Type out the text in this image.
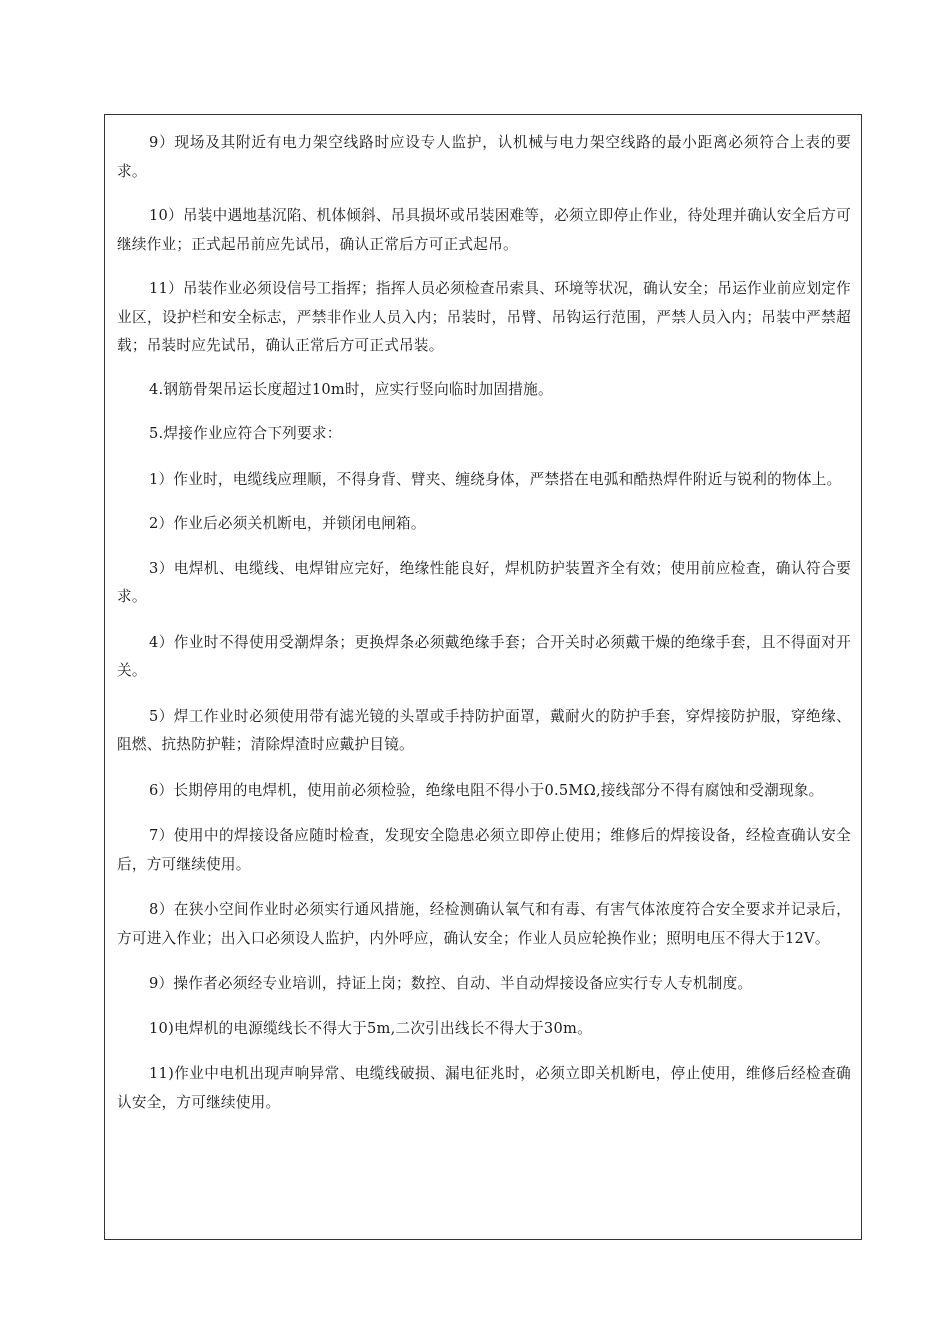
9）现场及其附近有电力架空线路时应设专人监护，认机械与电力架空线路的最小距离必须符合上表的要求。

10）吊装中遇地基沉陷、机体倾斜、吊具损坏或吊装困难等，必须立即停止作业，待处理并确认安全后方可继续作业；正式起吊前应先试吊，确认正常后方可正式起吊。

11）吊装作业必须设信号工指挥；指挥人员必须检查吊索具、环境等状况，确认安全；吊运作业前应划定作业区，设护栏和安全标志，严禁非作业人员入内；吊装时，吊臂、吊钩运行范围，严禁人员入内；吊装中严禁超载；吊装时应先试吊，确认正常后方可正式吊装。

4.钢筋骨架吊运长度超过10m时，应实行竖向临时加固措施。

5.焊接作业应符合下列要求：

1）作业时，电缆线应理顺，不得身背、臂夹、缠绕身体，严禁搭在电弧和酷热焊件附近与锐利的物体上。

2）作业后必须关机断电，并锁闭电闸箱。

3）电焊机、电缆线、电焊钳应完好，绝缘性能良好，焊机防护装置齐全有效；使用前应检查，确认符合要求。

4）作业时不得使用受潮焊条；更换焊条必须戴绝缘手套；合开关时必须戴干燥的绝缘手套，且不得面对开关。

5）焊工作业时必须使用带有滤光镜的头罩或手持防护面罩，戴耐火的防护手套，穿焊接防护服，穿绝缘、阻燃、抗热防护鞋；清除焊渣时应戴护目镜。

6）长期停用的电焊机，使用前必须检验，绝缘电阻不得小于0.5MΩ,接线部分不得有腐蚀和受潮现象。

7）使用中的焊接设备应随时检查，发现安全隐患必须立即停止使用；维修后的焊接设备，经检查确认安全后，方可继续使用。

8）在狭小空间作业时必须实行通风措施，经检测确认氧气和有毒、有害气体浓度符合安全要求并记录后，方可进入作业；出入口必须设人监护，内外呼应，确认安全；作业人员应轮换作业；照明电压不得大于12V。

9）操作者必须经专业培训，持证上岗；数控、自动、半自动焊接设备应实行专人专机制度。

10)电焊机的电源缆线长不得大于5m,二次引出线长不得大于30m。

11)作业中电机出现声响异常、电缆线破损、漏电征兆时，必须立即关机断电，停止使用，维修后经检查确认安全，方可继续使用。
